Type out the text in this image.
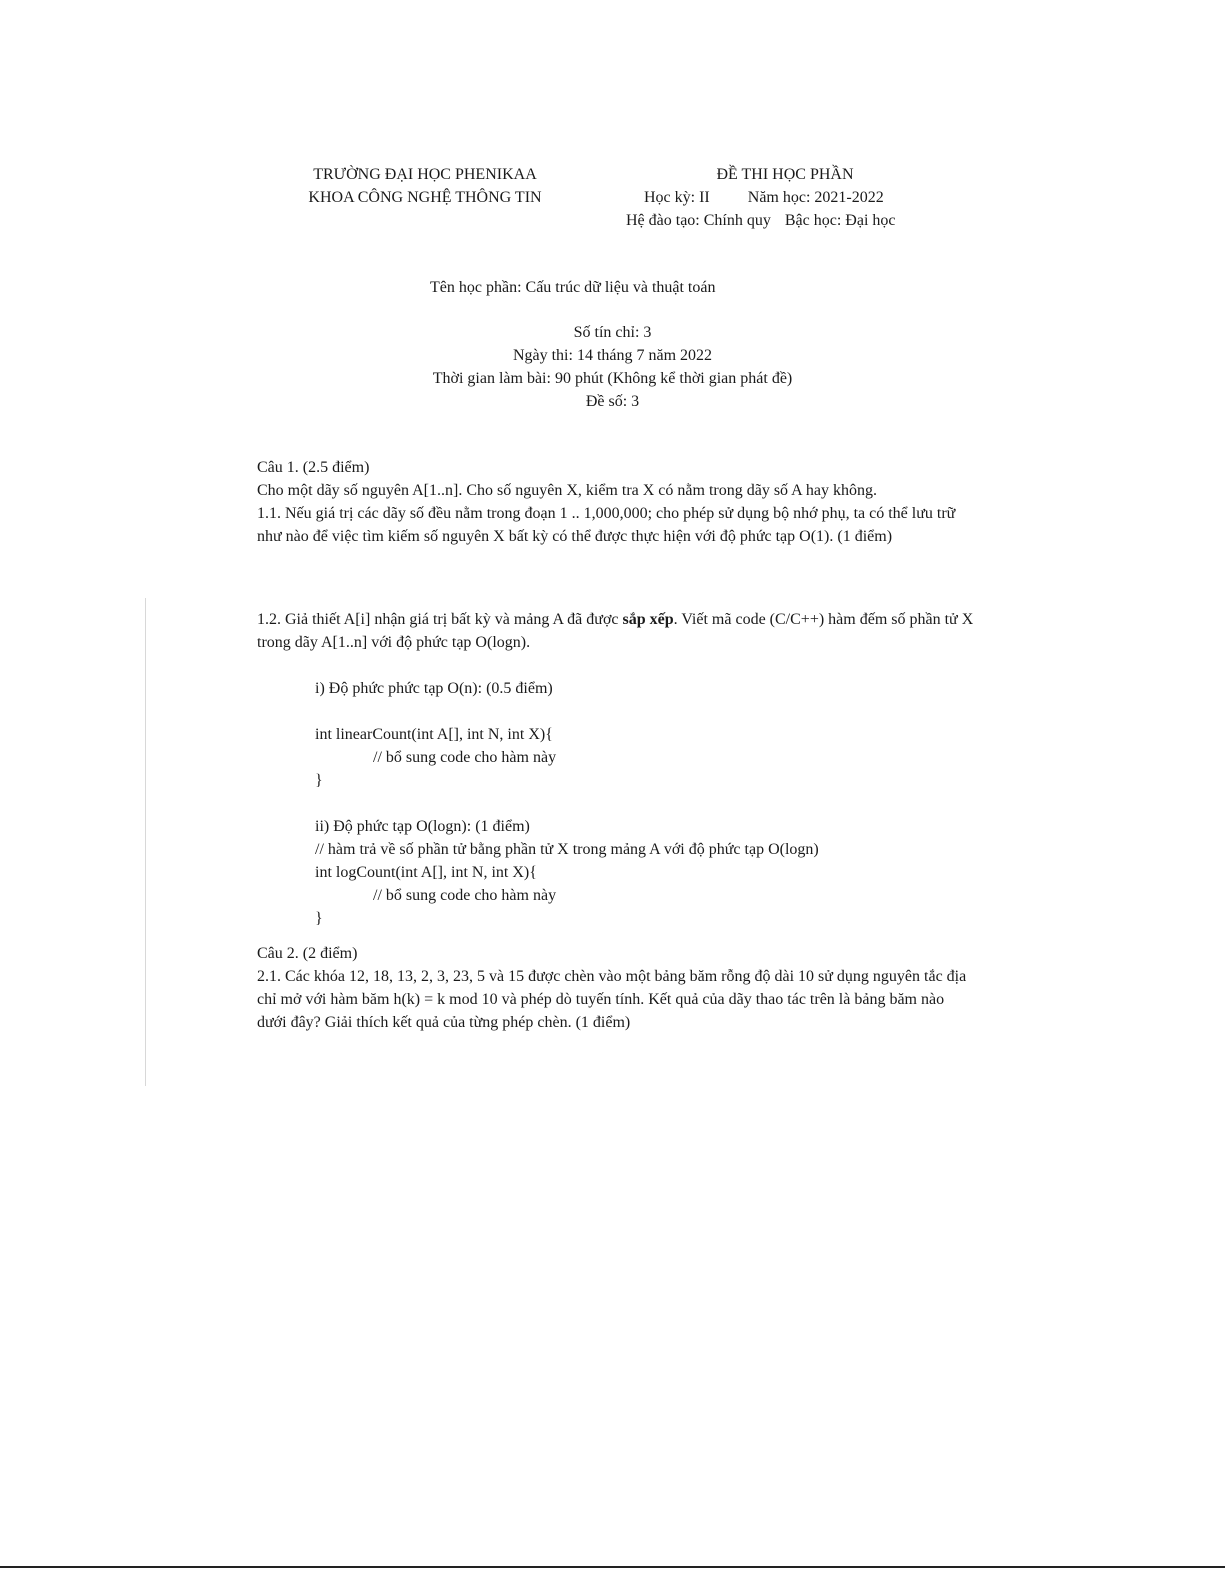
TRƯỜNG ĐẠI HỌC PHENIKAA
KHOA CÔNG NGHỆ THÔNG TIN
ĐỀ THI HỌC PHẦN
Học kỳ: II Năm học: 2021-2022
Hệ đào tạo: Chính quy Bậc học: Đại học
Tên học phần: Cấu trúc dữ liệu và thuật toán
Số tín chỉ: 3
Ngày thi: 14 tháng 7 năm 2022
Thời gian làm bài: 90 phút (Không kể thời gian phát đề)
Đề số: 3
Câu 1. (2.5 điểm)
Cho một dãy số nguyên A[1..n]. Cho số nguyên X, kiểm tra X có nằm trong dãy số A hay không.
1.1. Nếu giá trị các dãy số đều nằm trong đoạn 1 .. 1,000,000; cho phép sử dụng bộ nhớ phụ, ta có thể lưu trữ như nào để việc tìm kiếm số nguyên X bất kỳ có thể được thực hiện với độ phức tạp O(1). (1 điểm)
1.2. Giả thiết A[i] nhận giá trị bất kỳ và mảng A đã được sắp xếp. Viết mã code (C/C++) hàm đếm số phần tử X trong dãy A[1..n] với độ phức tạp O(logn).
i) Độ phức phức tạp O(n): (0.5 điểm)
int linearCount(int A[], int N, int X){
// bổ sung code cho hàm này
}
ii) Độ phức tạp O(logn): (1 điểm)
// hàm trả về số phần tử bằng phần tử X trong mảng A với độ phức tạp O(logn)
int logCount(int A[], int N, int X){
// bổ sung code cho hàm này
}
Câu 2. (2 điểm)
2.1. Các khóa 12, 18, 13, 2, 3, 23, 5 và 15 được chèn vào một bảng băm rỗng độ dài 10 sử dụng nguyên tắc địa chỉ mở với hàm băm h(k) = k mod 10 và phép dò tuyến tính. Kết quả của dãy thao tác trên là bảng băm nào dưới đây? Giải thích kết quả của từng phép chèn. (1 điểm)
